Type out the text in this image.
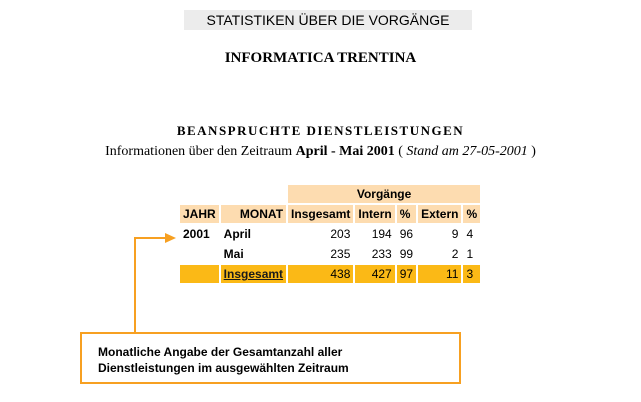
STATISTIKEN ÜBER DIE VORGÄNGE
INFORMATICA TRENTINA
BEANSPRUCHTE DIENSTLEISTUNGEN
Informationen über den Zeitraum April - Mai 2001 ( Stand am 27-05-2001 )
		Vorgänge				
JAHR	MONAT	Insgesamt	Intern	%	Extern	%
2001	April	203	194	96	9	4
	Mai	235	233	99	2	1
	Insgesamt	438	427	97	11	3
Monatliche Angabe der Gesamtanzahl aller
Dienstleistungen im ausgewählten Zeitraum
